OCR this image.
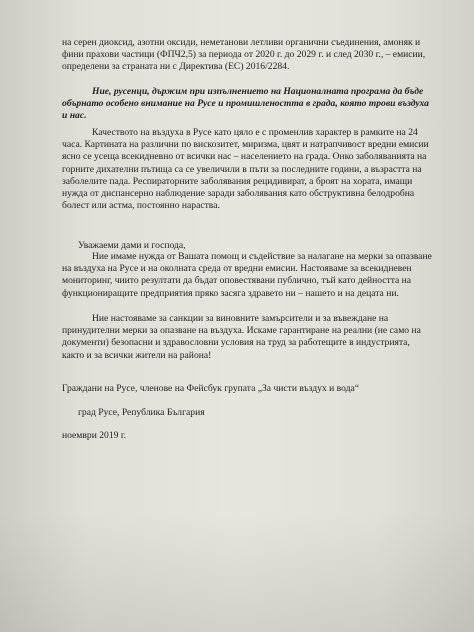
на серен диоксид, азотни оксиди, неметанови летливи органични съединения, амоняк и

фини прахови частици (ФПЧ2,5) за периода от 2020 г. до 2029 г. и след 2030 г., – емисии,

определени за страната ни с Директива (ЕС) 2016/2284.

Ние, русенци, държим при изпълнението на Националната програма да бъде

обърнато особено внимание на Русе и промишлеността в града, която трови въздуха

и нас.

Качеството на въздуха в Русе като цяло е с променлив характер в рамките на 24

часа. Картината на различни по вискозитет, миризма, цвят и натрапчивост вредни емисии

ясно се усеща всекидневно от всички нас – населението на града. Онко заболяванията на

горните дихателни пътища са се увеличили в пъти за последните години, а възрастта на

заболелите пада. Респираторните заболявания рецидивират, а броят на хората, имащи

нужда от диспансерно наблюдение заради заболявания като обструктивна белодробна

болест или астма, постоянно нараства.

Уважаеми дами и господа,

Ние имаме нужда от Вашата помощ и съдействие за налагане на мерки за опазване

на въздуха на Русе и на околната среда от вредни емисии. Настояваме за всекидневен

мониторинг, чиито резултати да бъдат оповестявани публично, тъй като дейността на

функциониращите предприятия пряко засяга здравето ни – нашето и на децата ни.

Ние настояваме за санкции за виновните замърсители и за въвеждане на

принудителни мерки за опазване на въздуха. Искаме гарантиране на реални (не само на

документи) безопасни и здравословни условия на труд за работещите в индустрията,

както и за всички жители на района!

Граждани на Русе, членове на Фейсбук групата „За чисти въздух и вода“
град Русе, Република България
ноември 2019 г.
